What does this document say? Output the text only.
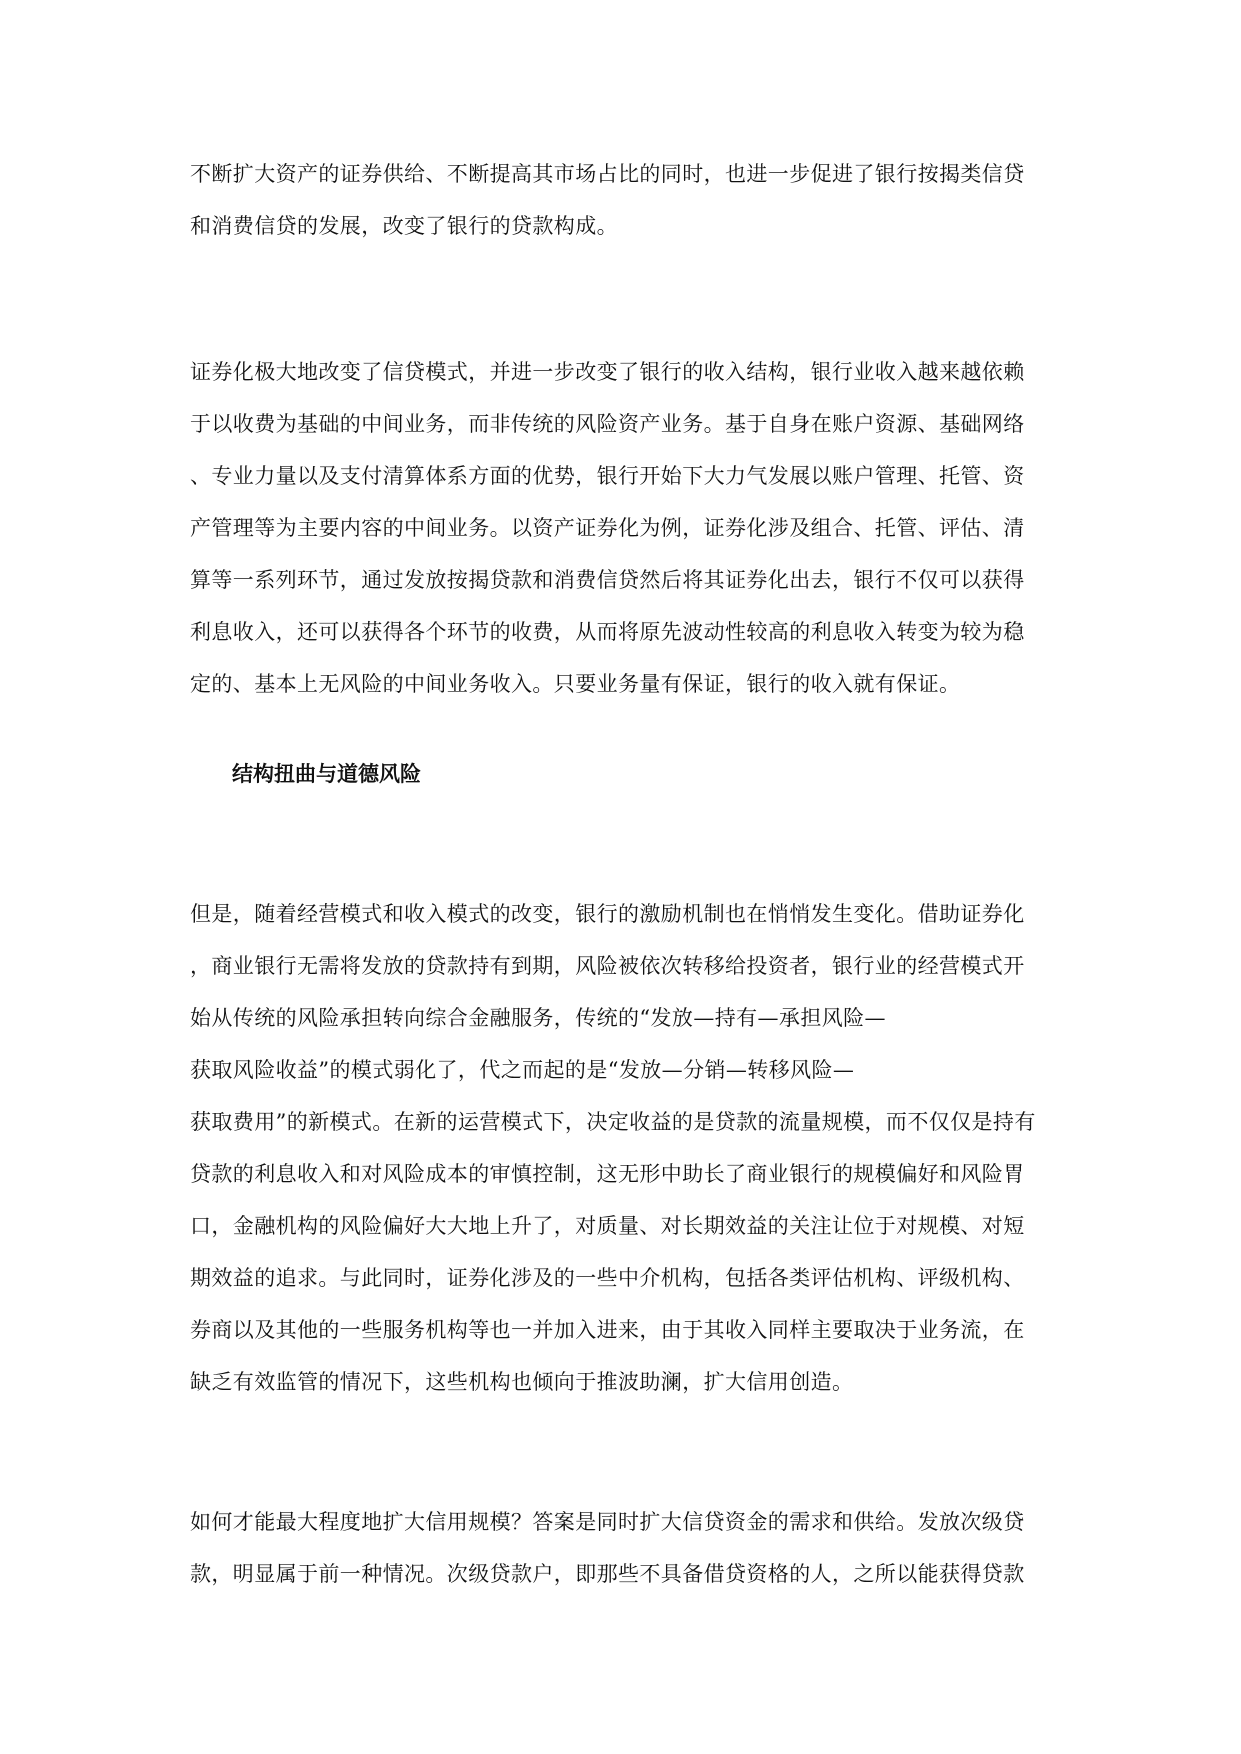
不断扩大资产的证券供给、不断提高其市场占比的同时，也进一步促进了银行按揭类信贷
和消费信贷的发展，改变了银行的贷款构成。
证券化极大地改变了信贷模式，并进一步改变了银行的收入结构，银行业收入越来越依赖
于以收费为基础的中间业务，而非传统的风险资产业务。基于自身在账户资源、基础网络
、专业力量以及支付清算体系方面的优势，银行开始下大力气发展以账户管理、托管、资
产管理等为主要内容的中间业务。以资产证券化为例，证券化涉及组合、托管、评估、清
算等一系列环节，通过发放按揭贷款和消费信贷然后将其证券化出去，银行不仅可以获得
利息收入，还可以获得各个环节的收费，从而将原先波动性较高的利息收入转变为较为稳
定的、基本上无风险的中间业务收入。只要业务量有保证，银行的收入就有保证。
结构扭曲与道德风险
但是，随着经营模式和收入模式的改变，银行的激励机制也在悄悄发生变化。借助证券化
，商业银行无需将发放的贷款持有到期，风险被依次转移给投资者，银行业的经营模式开
始从传统的风险承担转向综合金融服务，传统的“发放—持有—承担风险—
获取风险收益”的模式弱化了，代之而起的是“发放—分销—转移风险—
获取费用”的新模式。在新的运营模式下，决定收益的是贷款的流量规模，而不仅仅是持有
贷款的利息收入和对风险成本的审慎控制，这无形中助长了商业银行的规模偏好和风险胃
口，金融机构的风险偏好大大地上升了，对质量、对长期效益的关注让位于对规模、对短
期效益的追求。与此同时，证券化涉及的一些中介机构，包括各类评估机构、评级机构、
券商以及其他的一些服务机构等也一并加入进来，由于其收入同样主要取决于业务流，在
缺乏有效监管的情况下，这些机构也倾向于推波助澜，扩大信用创造。
如何才能最大程度地扩大信用规模？答案是同时扩大信贷资金的需求和供给。发放次级贷
款，明显属于前一种情况。次级贷款户，即那些不具备借贷资格的人，之所以能获得贷款
